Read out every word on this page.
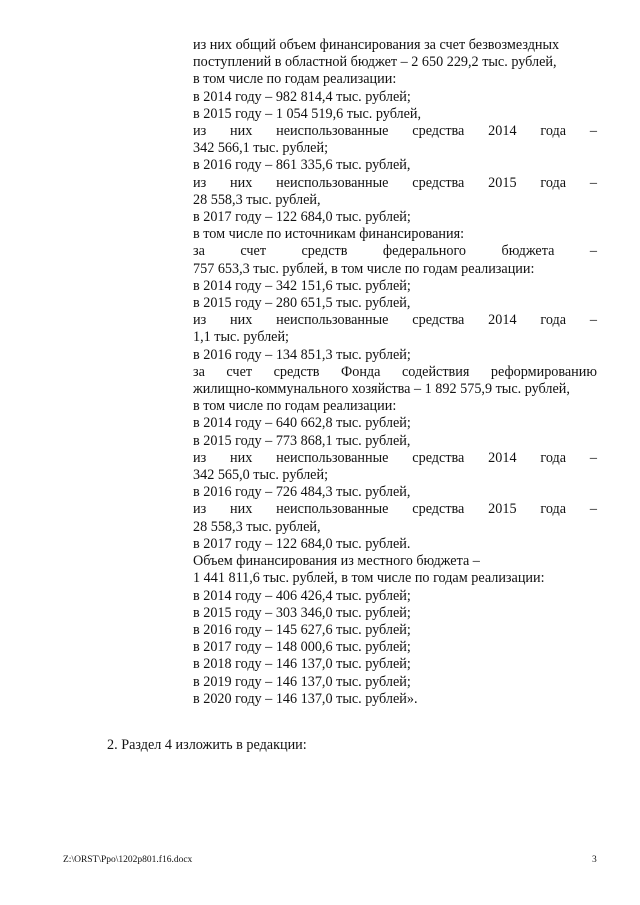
из них общий объем финансирования за счет безвозмездных
поступлений в областной бюджет – 2 650 229,2 тыс. рублей,
в том числе по годам реализации:
в 2014 году – 982 814,4 тыс. рублей;
в 2015 году – 1 054 519,6 тыс. рублей,
из них неиспользованные средства 2014 года –
342 566,1 тыс. рублей;
в 2016 году – 861 335,6 тыс. рублей,
из них неиспользованные средства 2015 года –
28 558,3 тыс. рублей,
в 2017 году – 122 684,0 тыс. рублей;
в том числе по источникам финансирования:
за счет средств федерального бюджета –
757 653,3 тыс. рублей, в том числе по годам реализации:
в 2014 году – 342 151,6 тыс. рублей;
в 2015 году – 280 651,5 тыс. рублей,
из них неиспользованные средства 2014 года –
1,1 тыс. рублей;
в 2016 году – 134 851,3 тыс. рублей;
за счет средств Фонда содействия реформированию
жилищно-коммунального хозяйства – 1 892 575,9 тыс. рублей,
в том числе по годам реализации:
в 2014 году – 640 662,8 тыс. рублей;
в 2015 году – 773 868,1 тыс. рублей,
из них неиспользованные средства 2014 года –
342 565,0 тыс. рублей;
в 2016 году – 726 484,3 тыс. рублей,
из них неиспользованные средства 2015 года –
28 558,3 тыс. рублей,
в 2017 году – 122 684,0 тыс. рублей.
Объем финансирования из местного бюджета –
1 441 811,6 тыс. рублей, в том числе по годам реализации:
в 2014 году – 406 426,4 тыс. рублей;
в 2015 году – 303 346,0 тыс. рублей;
в 2016 году – 145 627,6 тыс. рублей;
в 2017 году – 148 000,6 тыс. рублей;
в 2018 году – 146 137,0 тыс. рублей;
в 2019 году – 146 137,0 тыс. рублей;
в 2020 году – 146 137,0 тыс. рублей».
2. Раздел 4 изложить в редакции:
Z:\ORST\Ppo\1202p801.f16.docx	3
